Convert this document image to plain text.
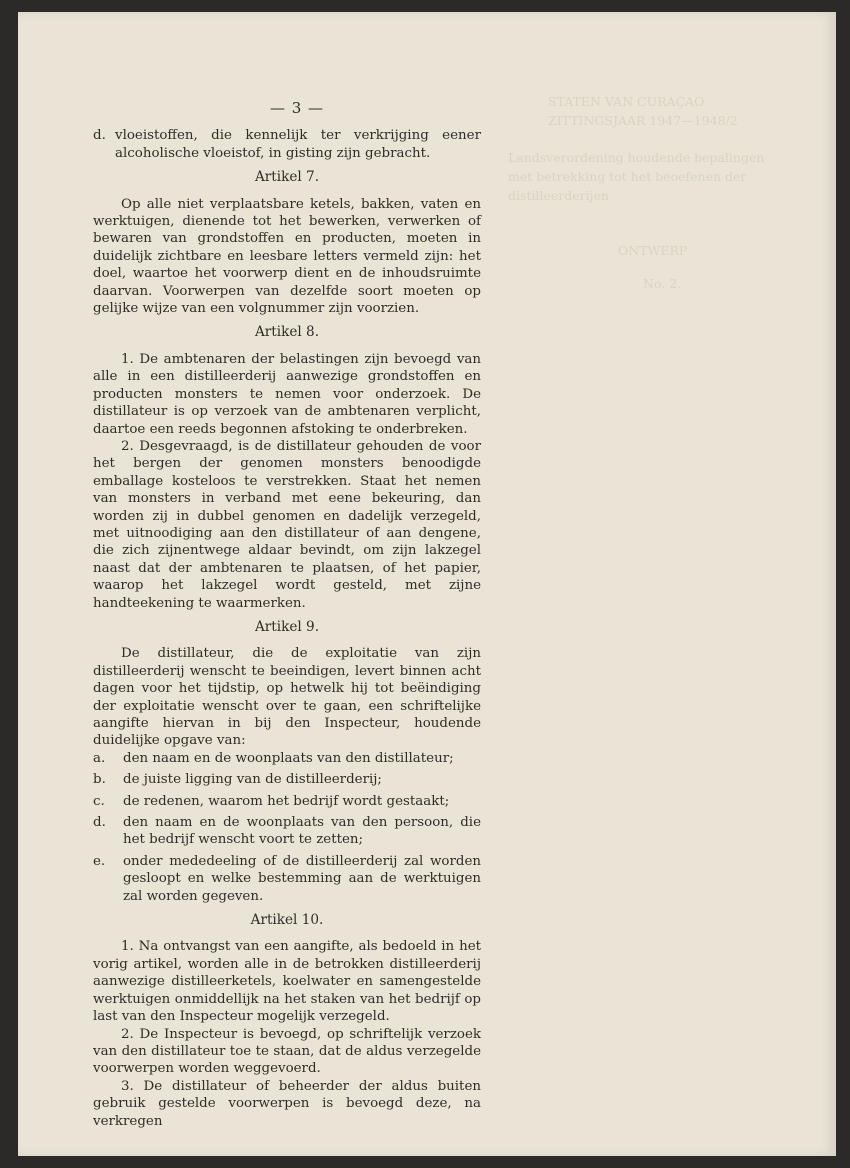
STATEN VAN CURAÇAO
ZITTINGSJAAR 1947—1948/2
Landsverordening houdende bepalingen
met betrekking tot het beoefenen der
distilleerderijen
ONTWERP
No. 2.
— 3 —
d. vloeistoffen, die kennelijk ter verkrijging eener alcoholische vloeistof, in gisting zijn gebracht.

Artikel 7.

Op alle niet verplaatsbare ketels, bakken, vaten en werktuigen, dienende tot het bewerken, verwerken of bewaren van grondstoffen en producten, moeten in duidelijk zichtbare en leesbare letters vermeld zijn: het doel, waartoe het voorwerp dient en de inhoudsruimte daarvan. Voorwerpen van dezelfde soort moeten op gelijke wijze van een volgnummer zijn voorzien.

Artikel 8.

1. De ambtenaren der belastingen zijn bevoegd van alle in een distilleerderij aanwezige grondstoffen en producten monsters te nemen voor onderzoek. De distillateur is op verzoek van de ambtenaren verplicht, daartoe een reeds begonnen afstoking te onderbreken.

2. Desgevraagd, is de distillateur gehouden de voor het bergen der genomen monsters benoodigde emballage kosteloos te verstrekken. Staat het nemen van monsters in verband met eene bekeuring, dan worden zij in dubbel genomen en dadelijk verzegeld, met uitnoodiging aan den distillateur of aan dengene, die zich zijnentwege aldaar bevindt, om zijn lakzegel naast dat der ambtenaren te plaatsen, of het papier, waarop het lakzegel wordt gesteld, met zijne handteekening te waarmerken.

Artikel 9.

De distillateur, die de exploitatie van zijn distilleerderij wenscht te beeindigen, levert binnen acht dagen voor het tijdstip, op hetwelk hij tot beëindiging der exploitatie wenscht over te gaan, een schriftelijke aangifte hiervan in bij den Inspecteur, houdende duidelijke opgave van:

a.	den naam en de woonplaats van den distillateur;

b.	de juiste ligging van de distilleerderij;

c.	de redenen, waarom het bedrijf wordt gestaakt;

d.	den naam en de woonplaats van den persoon, die het bedrijf wenscht voort te zetten;

e.	onder mededeeling of de distilleerderij zal worden gesloopt en welke bestemming aan de werktuigen zal worden gegeven.

Artikel 10.

1. Na ontvangst van een aangifte, als bedoeld in het vorig artikel, worden alle in de betrokken distilleerderij aanwezige distilleerketels, koelwater en samengestelde werktuigen onmiddellijk na het staken van het bedrijf op last van den Inspecteur mogelijk verzegeld.

2. De Inspecteur is bevoegd, op schriftelijk verzoek van den distillateur toe te staan, dat de aldus verzegelde voorwerpen worden weggevoerd.

3. De distillateur of beheerder der aldus buiten gebruik gestelde voorwerpen is bevoegd deze, na verkregen
